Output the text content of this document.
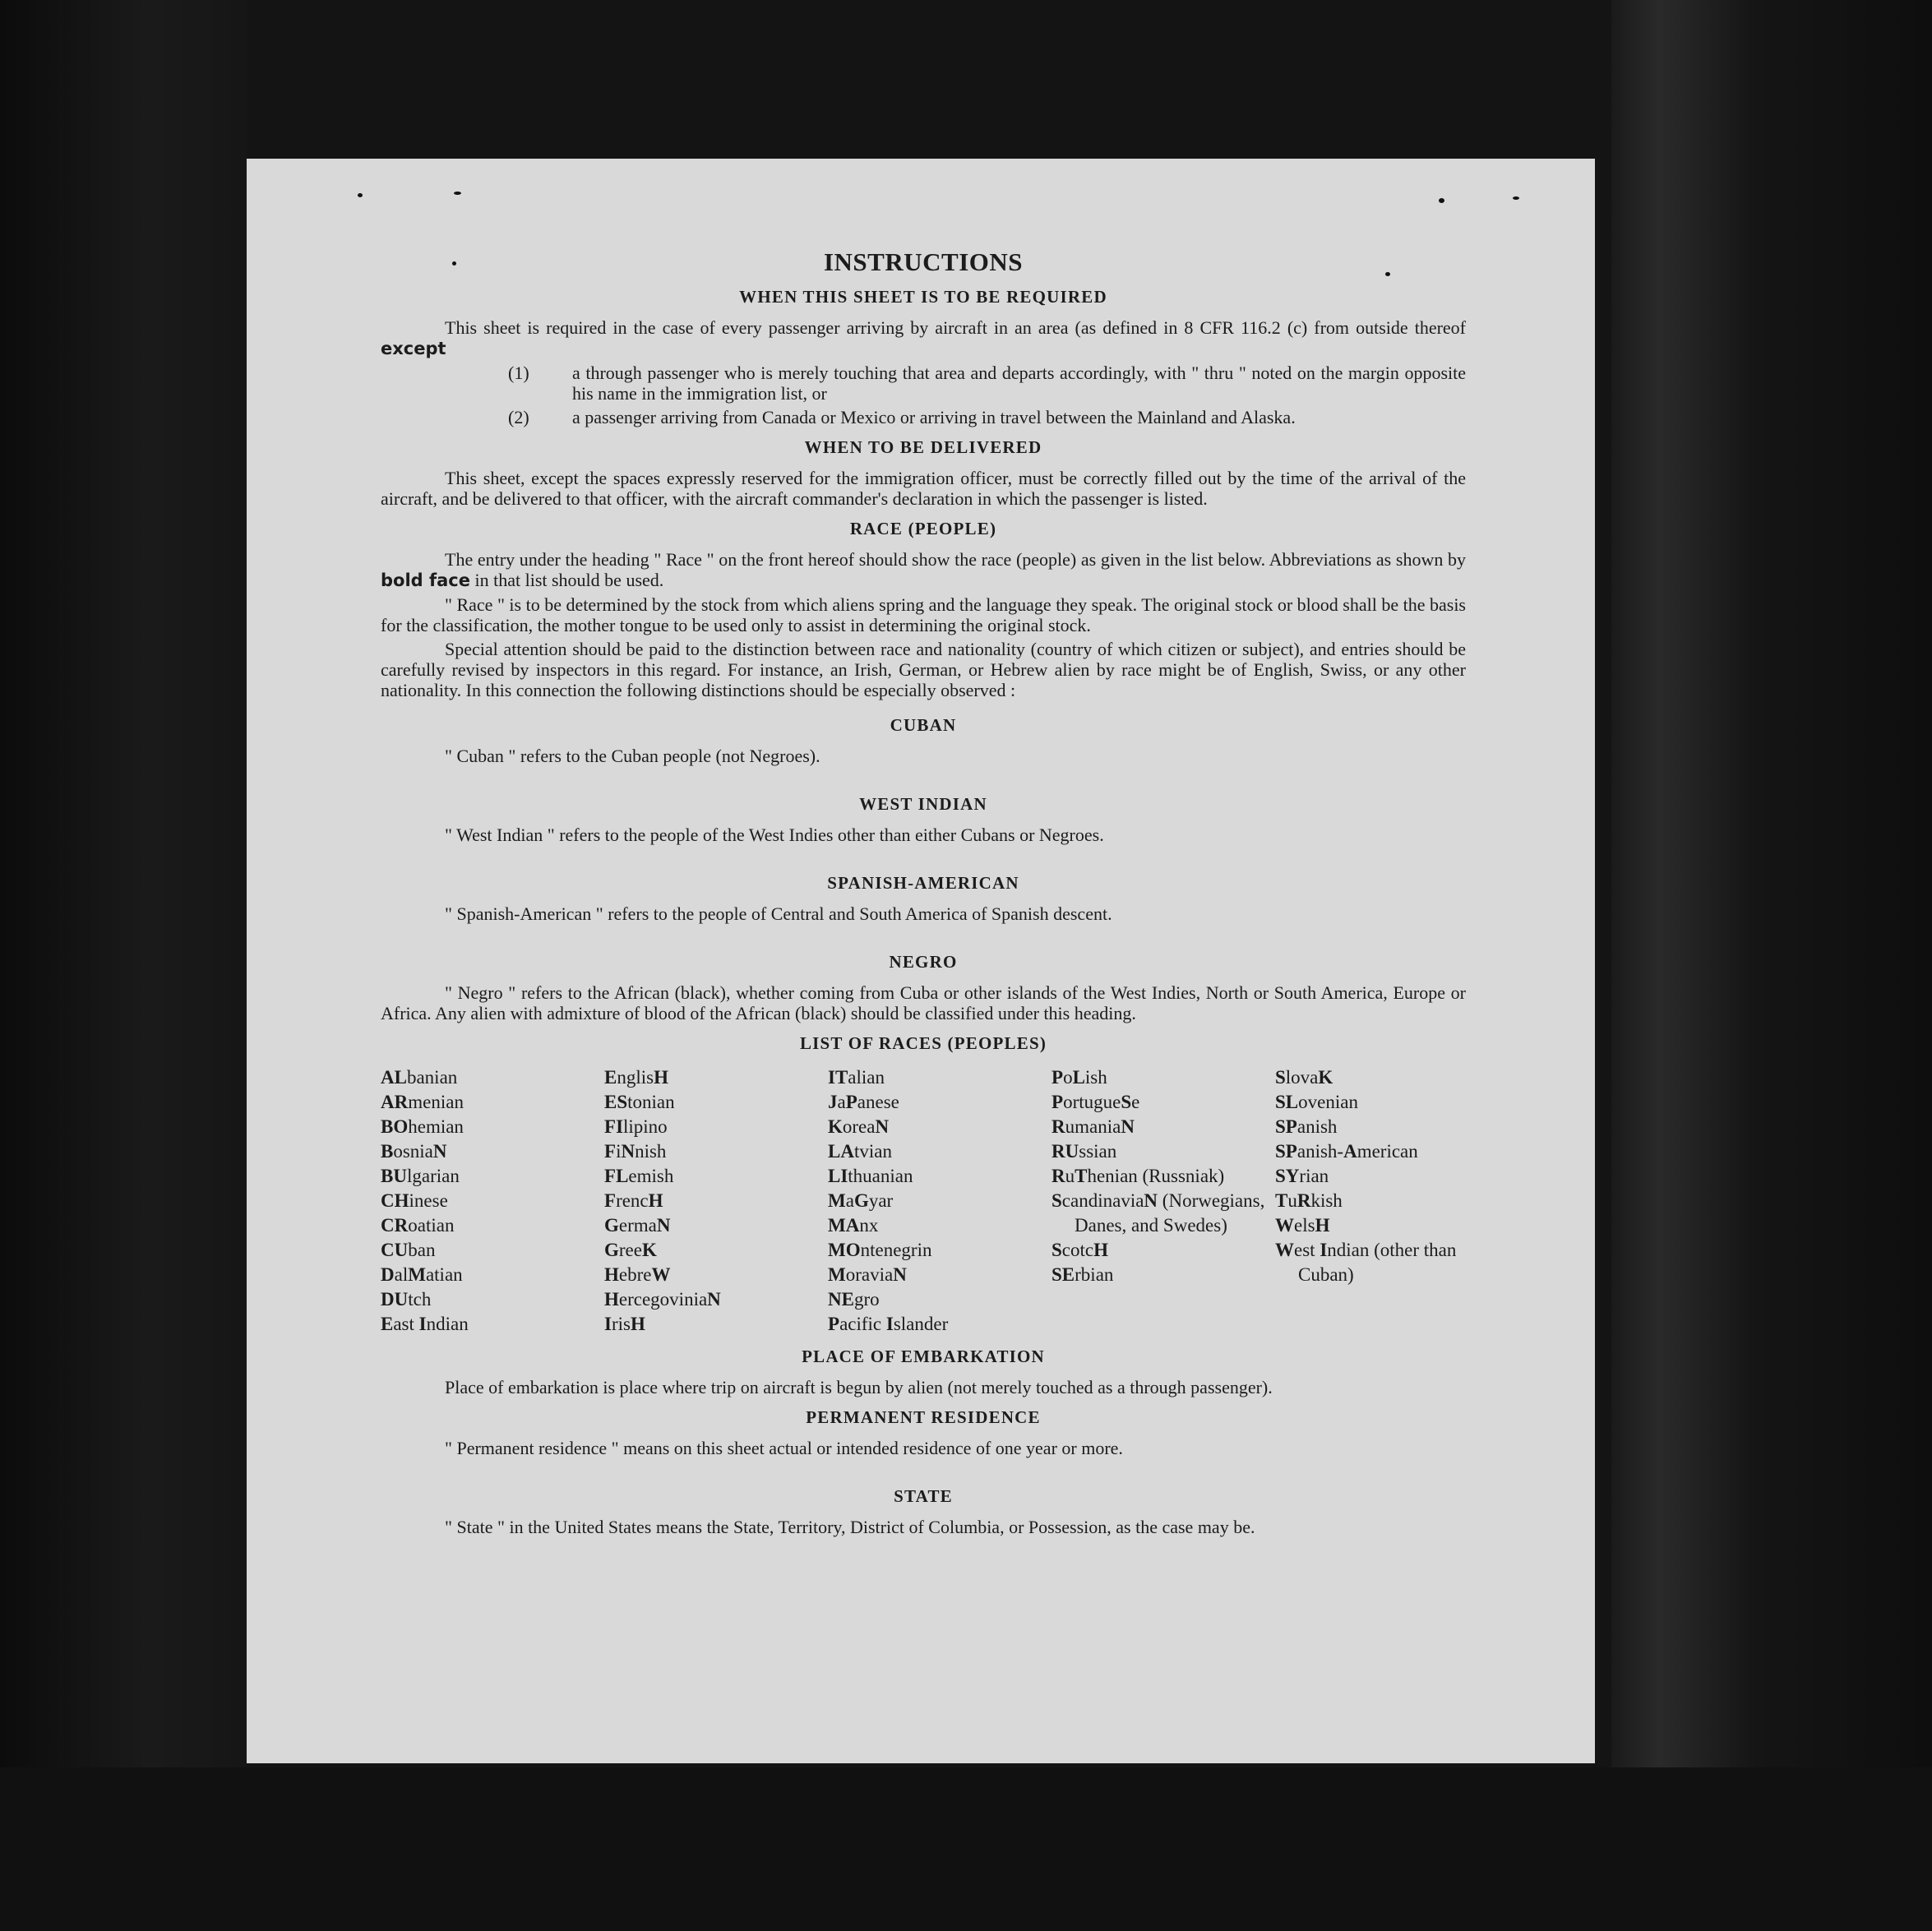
INSTRUCTIONS
WHEN THIS SHEET IS TO BE REQUIRED

This sheet is required in the case of every passenger arriving by aircraft in an area (as defined in 8 CFR 116.2 (c) from outside thereof except

(1) a through passenger who is merely touching that area and departs accordingly, with " thru " noted on the margin opposite his name in the immigration list, or
(2) a passenger arriving from Canada or Mexico or arriving in travel between the Mainland and Alaska.
WHEN TO BE DELIVERED

This sheet, except the spaces expressly reserved for the immigration officer, must be correctly filled out by the time of the arrival of the aircraft, and be delivered to that officer, with the aircraft commander's declaration in which the passenger is listed.

RACE (PEOPLE)

The entry under the heading " Race " on the front hereof should show the race (people) as given in the list below. Abbreviations as shown by bold face in that list should be used.

" Race " is to be determined by the stock from which aliens spring and the language they speak. The original stock or blood shall be the basis for the classification, the mother tongue to be used only to assist in determining the original stock.

Special attention should be paid to the distinction between race and nationality (country of which citizen or subject), and entries should be carefully revised by inspectors in this regard. For instance, an Irish, German, or Hebrew alien by race might be of English, Swiss, or any other nationality. In this connection the following distinctions should be especially observed :

CUBAN

" Cuban " refers to the Cuban people (not Negroes).

WEST INDIAN

" West Indian " refers to the people of the West Indies other than either Cubans or Negroes.

SPANISH-AMERICAN

" Spanish-American " refers to the people of Central and South America of Spanish descent.

NEGRO

" Negro " refers to the African (black), whether coming from Cuba or other islands of the West Indies, North or South America, Europe or Africa. Any alien with admixture of blood of the African (black) should be classified under this heading.

LIST OF RACES (PEOPLES)
ALbanian
ARmenian
BOhemian
BosniaN
BUlgarian
CHinese
CRoatian
CUban
DalMatian
DUtch
East Indian
EnglisH
EStonian
FIlipino
FiNnish
FLemish
FrencH
GermaN
GreeK
HebreW
HercegoviniaN
IrisH
ITalian
JaPanese
KoreaN
LAtvian
LIthuanian
MaGyar
MAnx
MOntenegrin
MoraviaN
NEgro
Pacific Islander
PoLish
PortugueSe
RumaniaN
RUssian
RuThenian (Russniak)
ScandinaviaN (Norwegians, Danes, and Swedes)
ScotcH
SErbian
SlovaK
SLovenian
SPanish
SPanish-American
SYrian
TuRkish
WelsH
West Indian (other than Cuban)
PLACE OF EMBARKATION

Place of embarkation is place where trip on aircraft is begun by alien (not merely touched as a through passenger).

PERMANENT RESIDENCE

" Permanent residence " means on this sheet actual or intended residence of one year or more.

STATE

" State " in the United States means the State, Territory, District of Columbia, or Possession, as the case may be.
